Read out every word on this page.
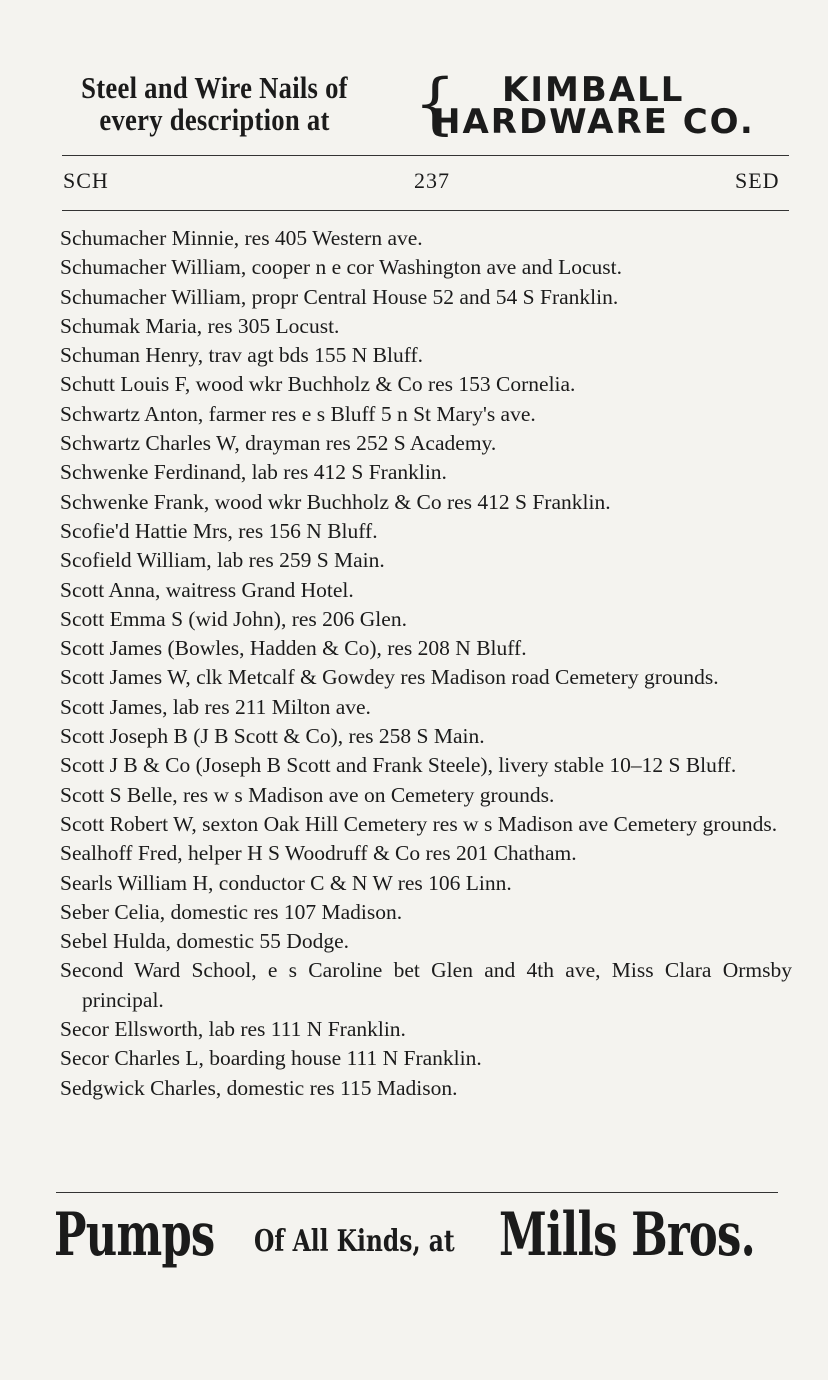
Steel and Wire Nails of
every description at	{	KIMBALL
HARDWARE CO.
SCH	237	SED

Schumacher Minnie, res 405 Western ave.

Schumacher William, cooper n e cor Washington ave and Locust.

Schumacher William, propr Central House 52 and 54 S Franklin.

Schumak Maria, res 305 Locust.

Schuman Henry, trav agt bds 155 N Bluff.

Schutt Louis F, wood wkr Buchholz & Co res 153 Cornelia.

Schwartz Anton, farmer res e s Bluff 5 n St Mary's ave.

Schwartz Charles W, drayman res 252 S Academy.

Schwenke Ferdinand, lab res 412 S Franklin.

Schwenke Frank, wood wkr Buchholz & Co res 412 S Franklin.

Scofie'd Hattie Mrs, res 156 N Bluff.

Scofield William, lab res 259 S Main.

Scott Anna, waitress Grand Hotel.

Scott Emma S (wid John), res 206 Glen.

Scott James (Bowles, Hadden & Co), res 208 N Bluff.

Scott James W, clk Metcalf & Gowdey res Madison road Cemetery grounds.

Scott James, lab res 211 Milton ave.

Scott Joseph B (J B Scott & Co), res 258 S Main.

Scott J B & Co (Joseph B Scott and Frank Steele), livery stable 10–12 S Bluff.

Scott S Belle, res w s Madison ave on Cemetery grounds.

Scott Robert W, sexton Oak Hill Cemetery res w s Madison ave Cemetery grounds.

Sealhoff Fred, helper H S Woodruff & Co res 201 Chatham.

Searls William H, conductor C & N W res 106 Linn.

Seber Celia, domestic res 107 Madison.

Sebel Hulda, domestic 55 Dodge.

Second Ward School, e s Caroline bet Glen and 4th ave, Miss Clara Ormsby principal.

Secor Ellsworth, lab res 111 N Franklin.

Secor Charles L, boarding house 111 N Franklin.

Sedgwick Charles, domestic res 115 Madison.

Pumps Of All Kinds, at Mills Bros.
